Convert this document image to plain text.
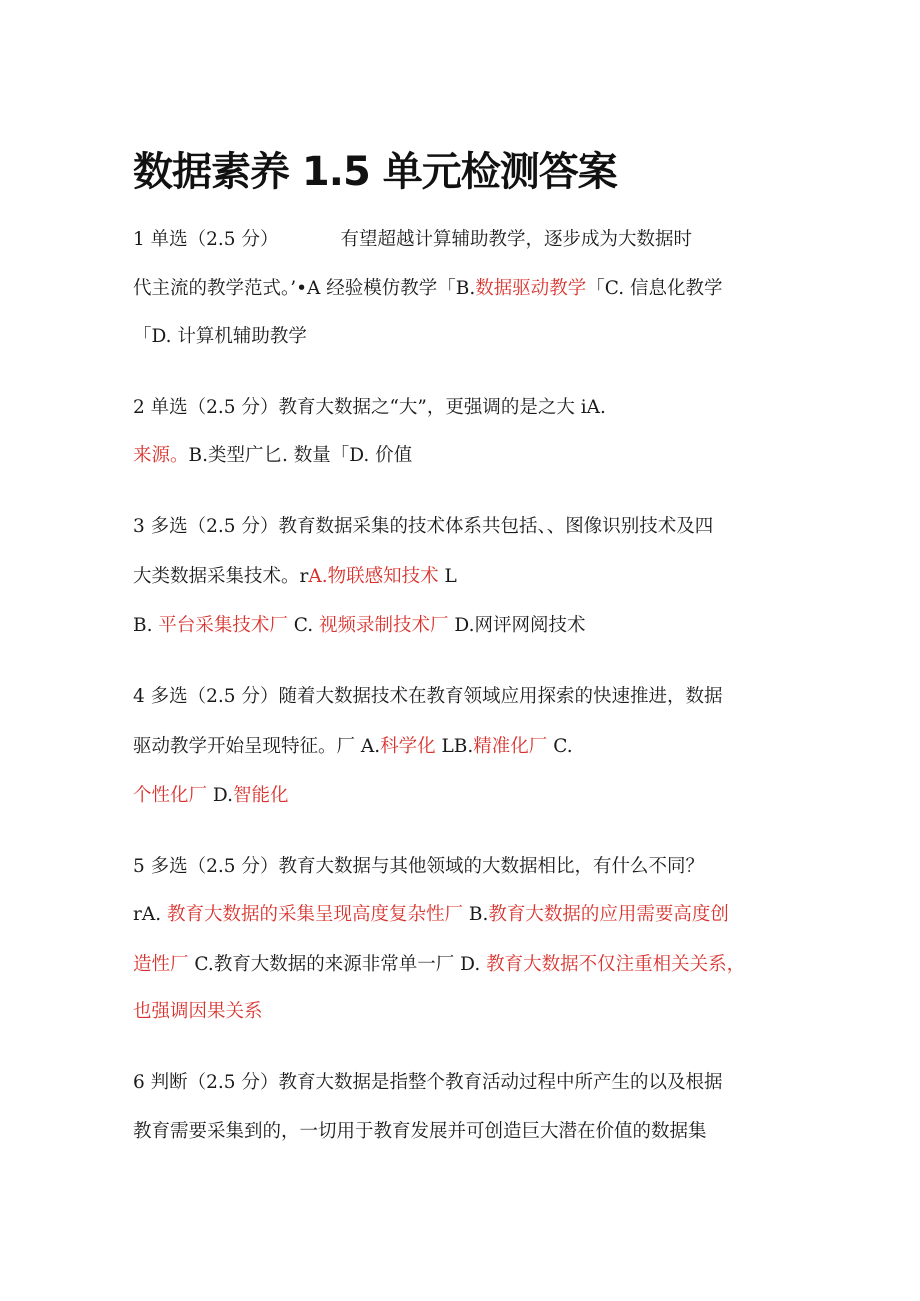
数据素养 1.5 单元检测答案
1 单选（2.5 分）	有望超越计算辅助教学，逐步成为大数据时
代主流的教学范式。’•A 经验模仿教学「B.数据驱动教学「C. 信息化教学
「D. 计算机辅助教学
2 单选（2.5 分）教育大数据之“大”，更强调的是之大 iA.
来源。B.类型广匕. 数量「D. 价值
3 多选（2.5 分）教育数据采集的技术体系共包括、、图像识别技术及四
大类数据采集技术。rA.物联感知技术 L
B. 平台采集技术厂 C. 视频录制技术厂 D.网评网阅技术
4 多选（2.5 分）随着大数据技术在教育领域应用探索的快速推进，数据
驱动教学开始呈现特征。厂 A.科学化 LB.精准化厂 C.
个性化厂 D.智能化
5 多选（2.5 分）教育大数据与其他领域的大数据相比，有什么不同？
rA. 教育大数据的采集呈现高度复杂性厂 B.教育大数据的应用需要高度创
造性厂 C.教育大数据的来源非常单一厂 D. 教育大数据不仅注重相关关系，
也强调因果关系
6 判断（2.5 分）教育大数据是指整个教育活动过程中所产生的以及根据
教育需要采集到的，一切用于教育发展并可创造巨大潜在价值的数据集
